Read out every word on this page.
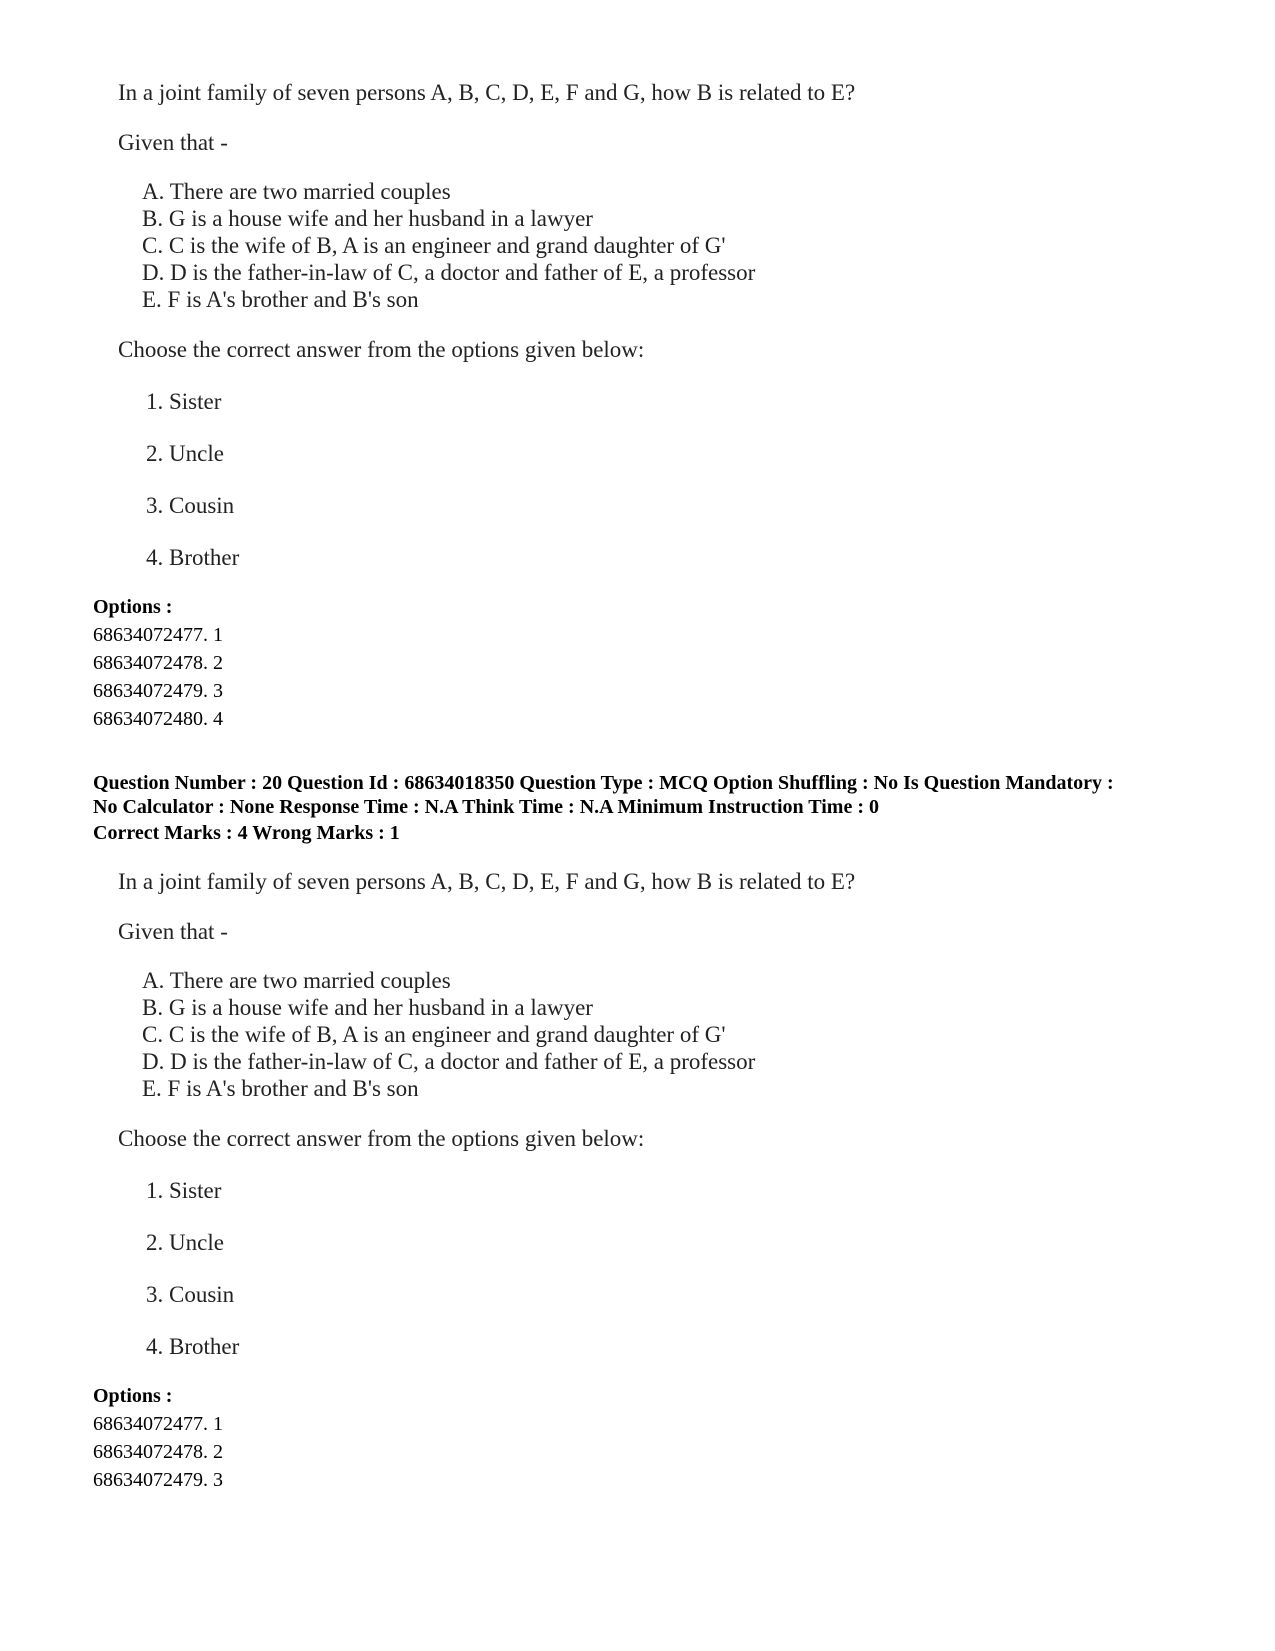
In a joint family of seven persons A, B, C, D, E, F and G, how B is related to E?
Given that -
A. There are two married couples
B. G is a house wife and her husband in a lawyer
C. C is the wife of B, A is an engineer and grand daughter of G'
D. D is the father-in-law of C, a doctor and father of E, a professor
E. F is A's brother and B's son
Choose the correct answer from the options given below:
1. Sister
2. Uncle
3. Cousin
4. Brother
Options :
68634072477. 1
68634072478. 2
68634072479. 3
68634072480. 4
Question Number : 20 Question Id : 68634018350 Question Type : MCQ Option Shuffling : No Is Question Mandatory :
No Calculator : None Response Time : N.A Think Time : N.A Minimum Instruction Time : 0
Correct Marks : 4 Wrong Marks : 1
In a joint family of seven persons A, B, C, D, E, F and G, how B is related to E?
Given that -
A. There are two married couples
B. G is a house wife and her husband in a lawyer
C. C is the wife of B, A is an engineer and grand daughter of G'
D. D is the father-in-law of C, a doctor and father of E, a professor
E. F is A's brother and B's son
Choose the correct answer from the options given below:
1. Sister
2. Uncle
3. Cousin
4. Brother
Options :
68634072477. 1
68634072478. 2
68634072479. 3
